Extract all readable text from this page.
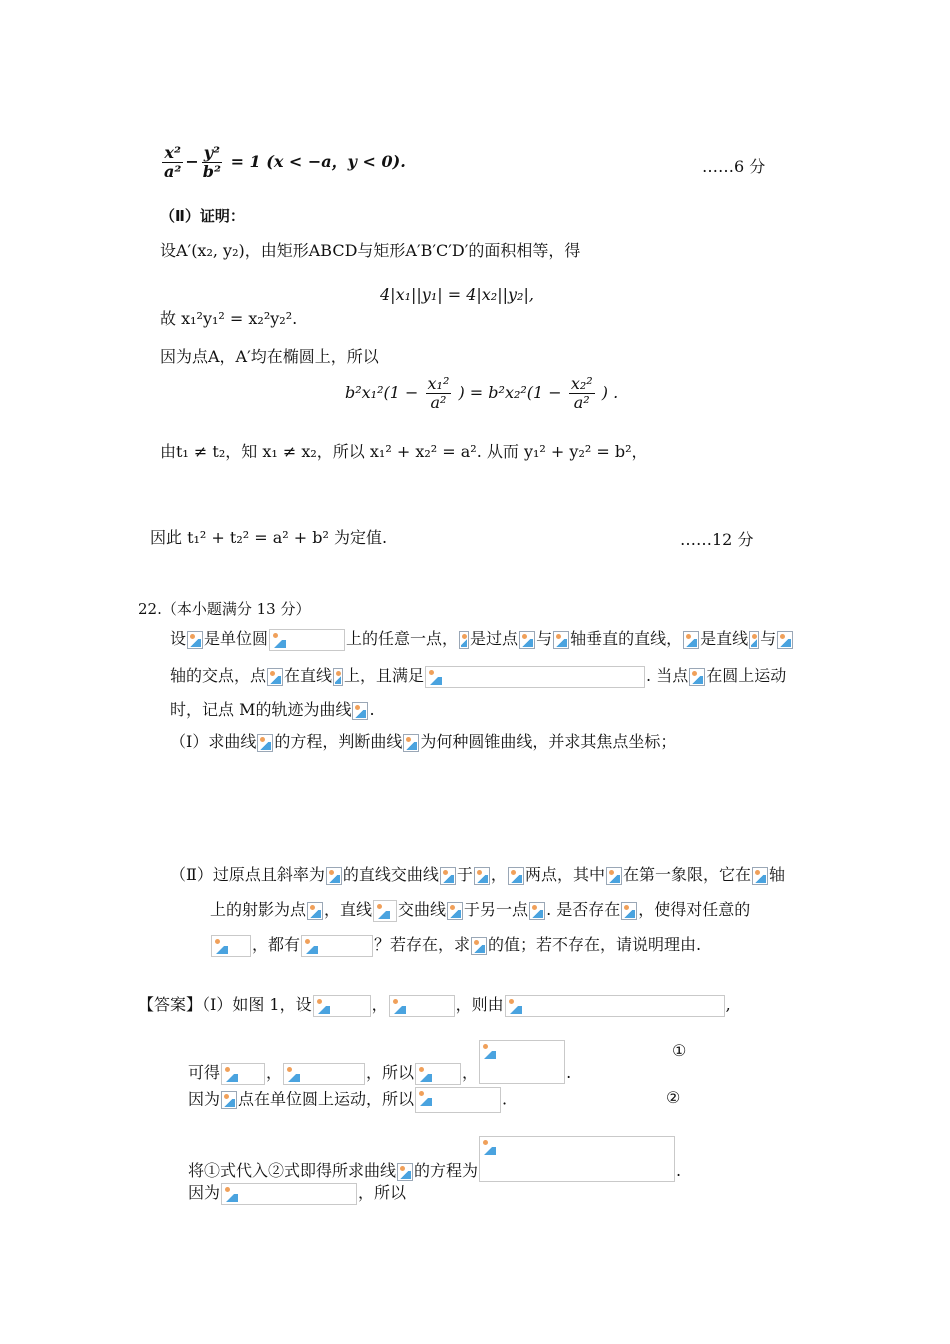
$\frac{\text{x²}}{\text{a²}} - \frac{\text{y²}}{\text{b²}} = 1$ (x < −a，y < 0).	……6 分
（Ⅱ）证明：
设A′(x₂, y₂)，由矩形ABCD与矩形A′B′C′D′的面积相等，得
4|x₁||y₁| = 4|x₂||y₂|,
故 x₁²y₁² = x₂²y₂².
因为点A，A′均在椭圆上，所以
$b^2x_1^2(1 - \frac{\text{x₁²}}{\text{a²}}$ ) = $b^2x_2^2(1 - \frac{\text{x₂²}}{\text{a²}}$ ) .
由t₁ ≠ t₂，知 x₁ ≠ x₂，所以 x₁² + x₂² = a². 从而 y₁² + y₂² = b²，
因此 t₁² + t₂² = a² + b² 为定值.	……12 分
22.（本小题满分 13 分）
设 是单位圆	上的任意一点， 是过点 与 轴垂直的直线， 是直线 与
轴的交点，点 在直线 上，且满足	. 当点 在圆上运动
时，记点 M的轨迹为曲线 .
（Ⅰ）求曲线 的方程，判断曲线 为何种圆锥曲线，并求其焦点坐标；
（Ⅱ）过原点且斜率为 的直线交曲线 于 ， 两点，其中 在第一象限，它在 轴
上的射影为点 ，直线 交曲线 于另一点 . 是否存在 ，使得对任意的
，都有	？若存在，求 的值；若不存在，请说明理由.
【答案】（Ⅰ）如图 1，设	，	，则由	,
可得	，	，所以	，	.
①
因为 点在单位圆上运动，所以	.	②
将①式代入②式即得所求曲线 的方程为	.
因为	，所以
